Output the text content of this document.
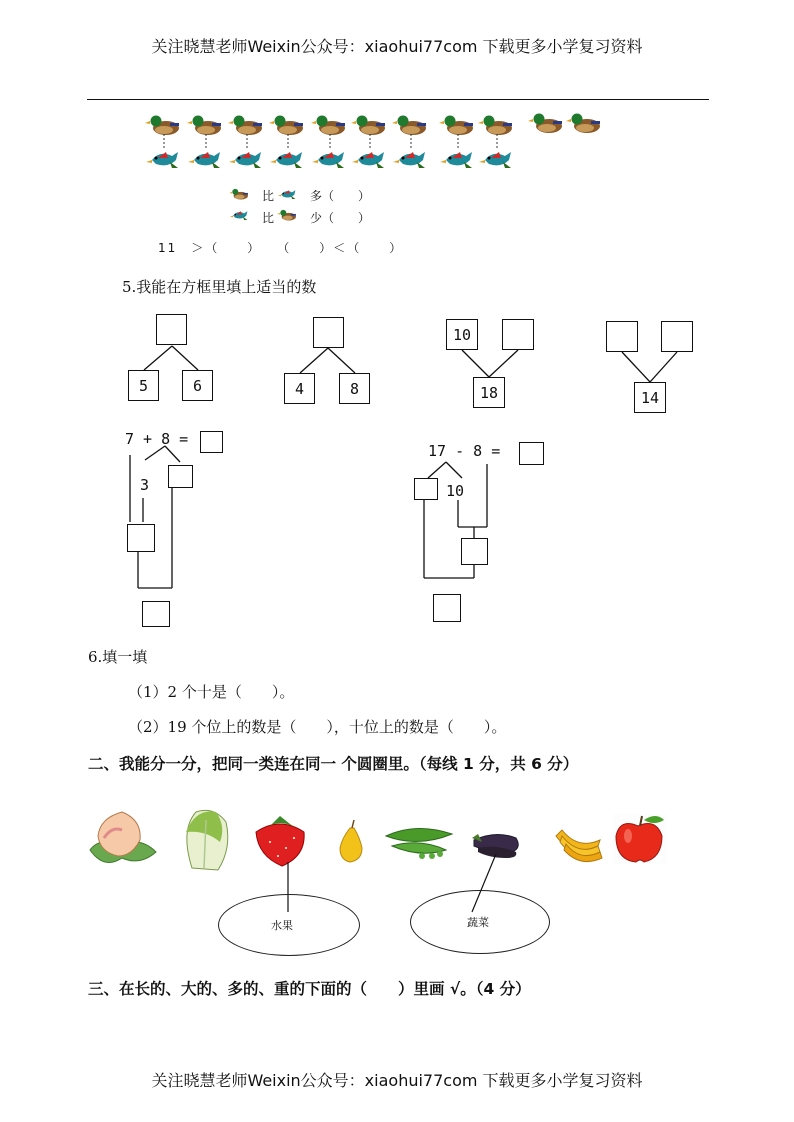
关注晓慧老师Weixin公众号：xiaohui77com 下载更多小学复习资料
关注晓慧老师Weixin公众号：xiaohui77com 下载更多小学复习资料
比	多（　　）
比	少（　　）
11　＞（　　）　　（　　）＜（　　）
5.我能在方框里填上适当的数
5	6	4	8
10
18	14
7 + 8 =
3
17 - 8 =
10
6.填一填
（1）2 个十是（　　）。
（2）19 个位上的数是（　　），十位上的数是（　　）。
二、我能分一分，把同一类连在同一 个圆圈里。（每线 1 分，共 6 分）
水果	蔬菜
三、在长的、大的、多的、重的下面的（　　）里画 √。（4 分）
